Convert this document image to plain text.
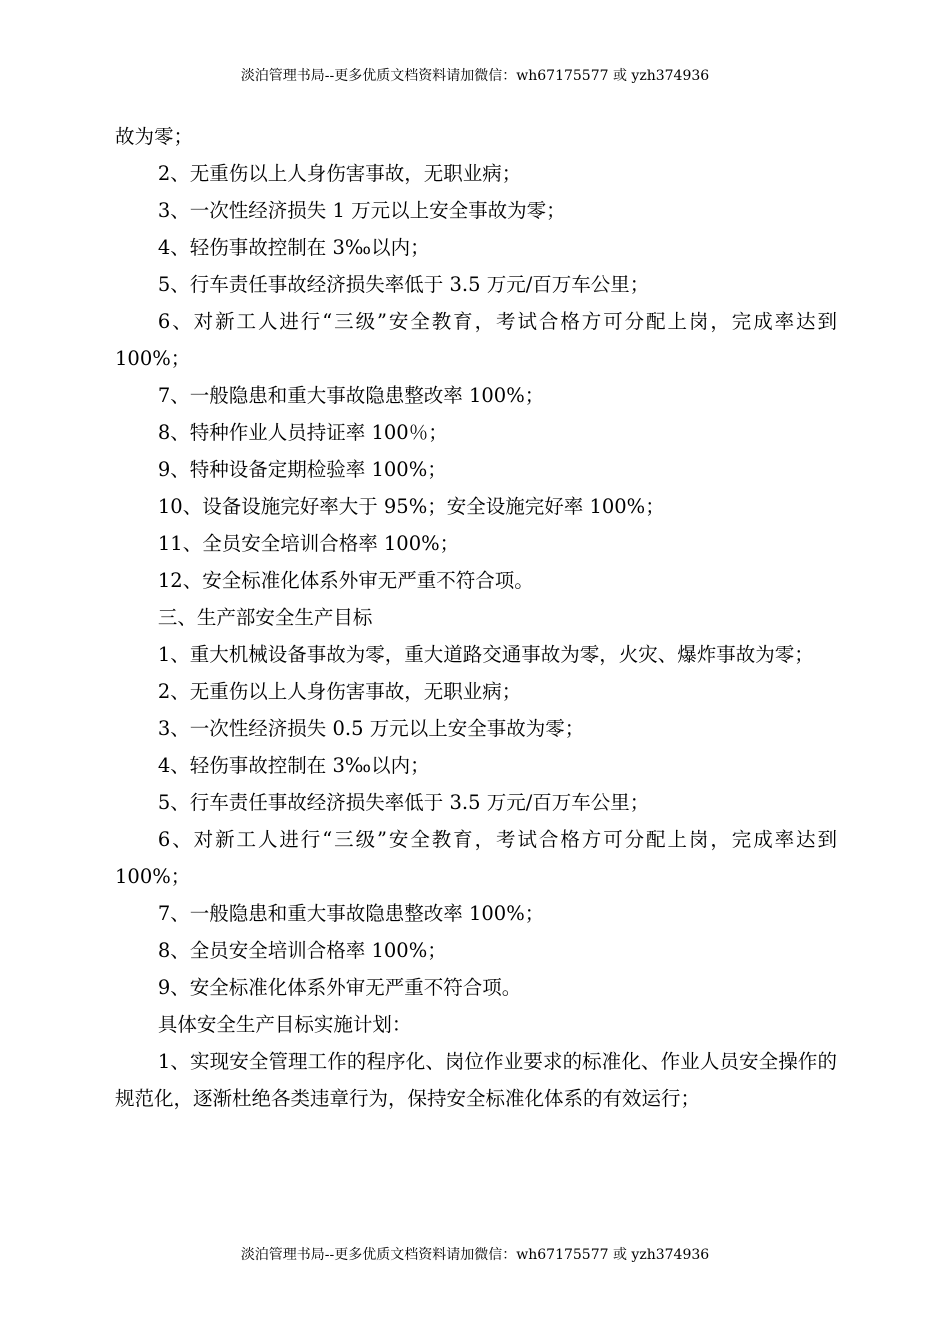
淡泊管理书局--更多优质文档资料请加微信：wh67175577 或 yzh374936

故为零；

2、无重伤以上人身伤害事故，无职业病；

3、一次性经济损失 1 万元以上安全事故为零；

4、轻伤事故控制在 3‰以内；

5、行车责任事故经济损失率低于 3.5 万元/百万车公里；

6、对新工人进行“三级”安全教育，考试合格方可分配上岗，完成率达到 100%；

7、一般隐患和重大事故隐患整改率 100%；

8、特种作业人员持证率 100％；

9、特种设备定期检验率 100%；

10、设备设施完好率大于 95%；安全设施完好率 100%；

11、全员安全培训合格率 100%；

12、安全标准化体系外审无严重不符合项。

三、生产部安全生产目标

1、重大机械设备事故为零，重大道路交通事故为零，火灾、爆炸事故为零；

2、无重伤以上人身伤害事故，无职业病；

3、一次性经济损失 0.5 万元以上安全事故为零；

4、轻伤事故控制在 3‰以内；

5、行车责任事故经济损失率低于 3.5 万元/百万车公里；

6、对新工人进行“三级”安全教育，考试合格方可分配上岗，完成率达到 100%；

7、一般隐患和重大事故隐患整改率 100%；

8、全员安全培训合格率 100%；

9、安全标准化体系外审无严重不符合项。

具体安全生产目标实施计划：

1、实现安全管理工作的程序化、岗位作业要求的标准化、作业人员安全操作的规范化，逐渐杜绝各类违章行为，保持安全标准化体系的有效运行；

淡泊管理书局--更多优质文档资料请加微信：wh67175577 或 yzh374936
